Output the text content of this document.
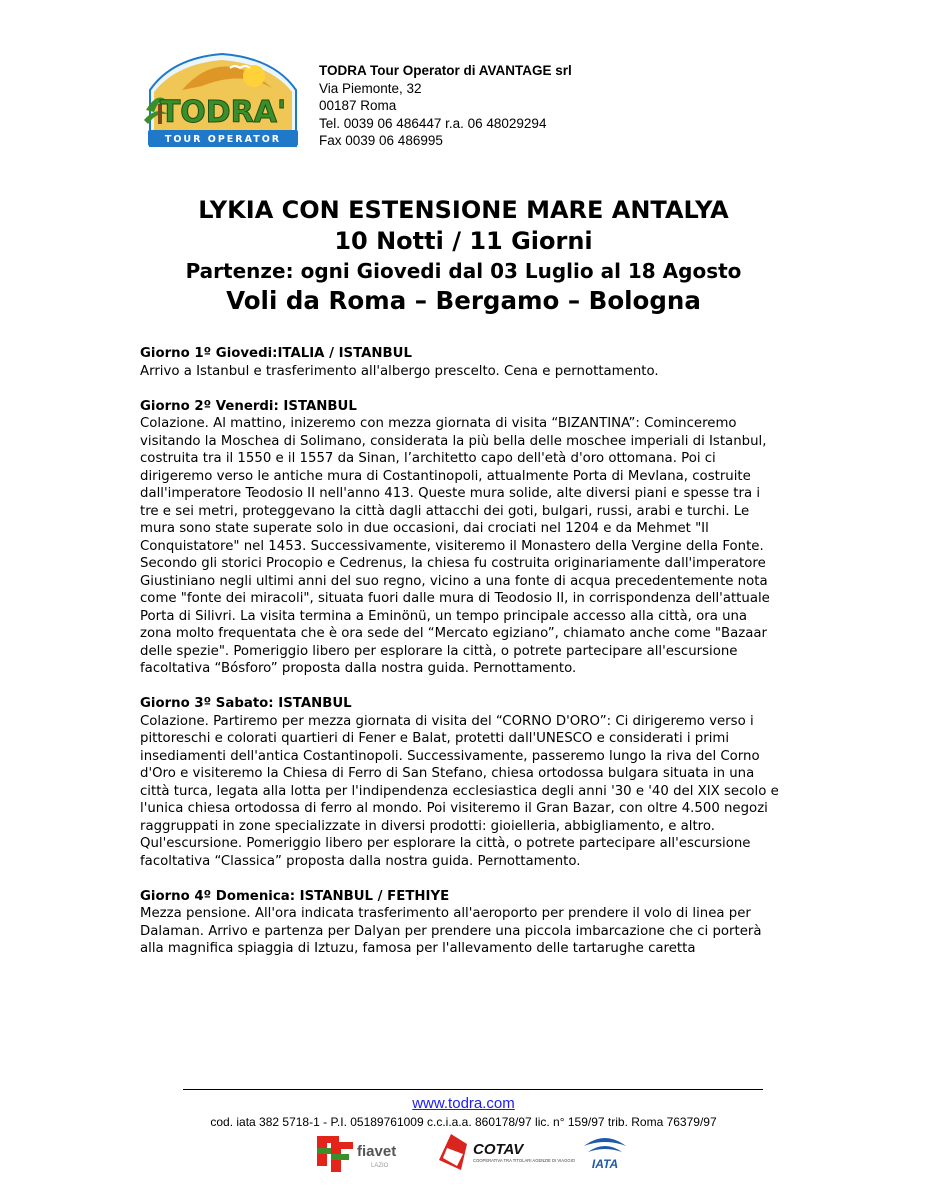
TODRA'
TOUR OPERATOR
TODRA Tour Operator di AVANTAGE srl
Via Piemonte, 32
00187 Roma
Tel. 0039 06 486447 r.a. 06 48029294
Fax 0039 06 486995
LYKIA CON ESTENSIONE MARE ANTALYA
10 Notti / 11 Giorni
Partenze: ogni Giovedi dal 03 Luglio al 18 Agosto
Voli da Roma – Bergamo – Bologna
Giorno 1º Giovedi:ITALIA / ISTANBUL

Arrivo a Istanbul e trasferimento all'albergo prescelto. Cena e pernottamento.

Giorno 2º Venerdi: ISTANBUL

Colazione. Al mattino, inizeremo con mezza giornata di visita “BIZANTINA”: Cominceremo visitando la Moschea di Solimano, considerata la più bella delle moschee imperiali di Istanbul, costruita tra il 1550 e il 1557 da Sinan, l’architetto capo dell'età d'oro ottomana. Poi ci dirigeremo verso le antiche mura di Costantinopoli, attualmente Porta di Mevlana, costruite dall'imperatore Teodosio II nell'anno 413. Queste mura solide, alte diversi piani e spesse tra i tre e sei metri, proteggevano la città dagli attacchi dei goti, bulgari, russi, arabi e turchi. Le mura sono state superate solo in due occasioni, dai crociati nel 1204 e da Mehmet "Il Conquistatore" nel 1453. Successivamente, visiteremo il Monastero della Vergine della Fonte. Secondo gli storici Procopio e Cedrenus, la chiesa fu costruita originariamente dall'imperatore Giustiniano negli ultimi anni del suo regno, vicino a una fonte di acqua precedentemente nota come "fonte dei miracoli", situata fuori dalle mura di Teodosio II, in corrispondenza dell'attuale Porta di Silivri. La visita termina a Eminönü, un tempo principale accesso alla città, ora una zona molto frequentata che è ora sede del “Mercato egiziano”, chiamato anche come "Bazaar delle spezie". Pomeriggio libero per esplorare la città, o potrete partecipare all'escursione facoltativa “Bósforo” proposta dalla nostra guida. Pernottamento.

Giorno 3º Sabato: ISTANBUL

Colazione. Partiremo per mezza giornata di visita del “CORNO D'ORO”: Ci dirigeremo verso i pittoreschi e colorati quartieri di Fener e Balat, protetti dall'UNESCO e considerati i primi insediamenti dell'antica Costantinopoli. Successivamente, passeremo lungo la riva del Corno d'Oro e visiteremo la Chiesa di Ferro di San Stefano, chiesa ortodossa bulgara situata in una città turca, legata alla lotta per l'indipendenza ecclesiastica degli anni '30 e '40 del XIX secolo e l'unica chiesa ortodossa di ferro al mondo. Poi visiteremo il Gran Bazar, con oltre 4.500 negozi raggruppati in zone specializzate in diversi prodotti: gioielleria, abbigliamento, e altro. Qul'escursione. Pomeriggio libero per esplorare la città, o potrete partecipare all'escursione facoltativa “Classica” proposta dalla nostra guida. Pernottamento.

Giorno 4º Domenica: ISTANBUL / FETHIYE

Mezza pensione. All'ora indicata trasferimento all'aeroporto per prendere il volo di linea per Dalaman. Arrivo e partenza per Dalyan per prendere una piccola imbarcazione che ci porterà alla magnifica spiaggia di Iztuzu, famosa per l'allevamento delle tartarughe caretta

www.todra.com
cod. iata 382 5718-1 - P.I. 05189761009 c.c.i.a.a. 860178/97 lic. n° 159/97 trib. Roma 76379/97
fiavet
LAZIO
COTAV
COOPERATIVA TRA TITOLARI AGENZIE DI VIAGGIO IATA
